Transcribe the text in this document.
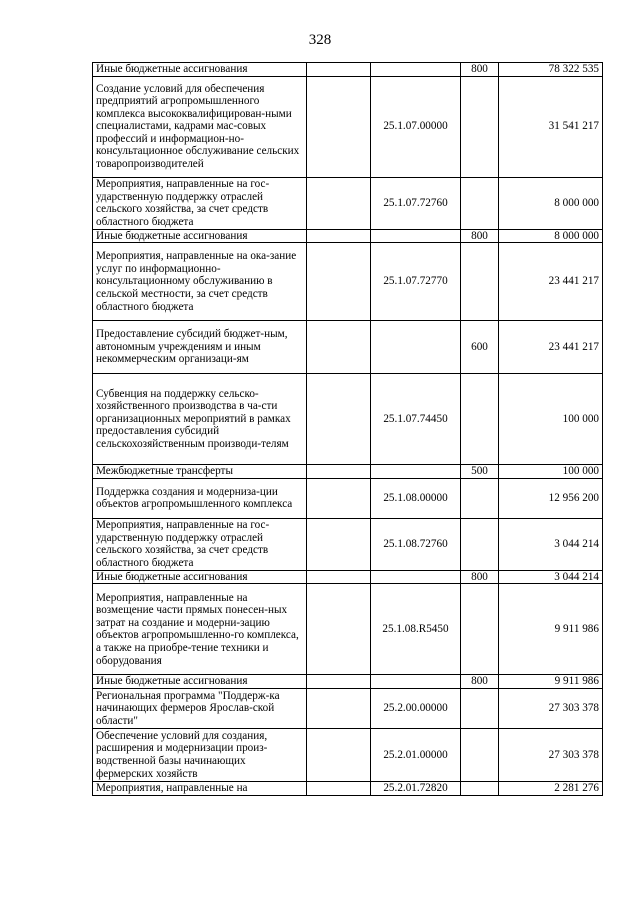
328
Иные бюджетные ассигнования			800	78 322 535
Создание условий для обеспечения предприятий агропромышленного комплекса высококвалифицирован-ными специалистами, кадрами мас-совых профессий и информацион-но-консультационное обслуживание сельских товаропроизводителей		25.1.07.00000		31 541 217
Мероприятия, направленные на гос-ударственную поддержку отраслей сельского хозяйства, за счет средств областного бюджета		25.1.07.72760		8 000 000
Иные бюджетные ассигнования			800	8 000 000
Мероприятия, направленные на ока-зание услуг по информационно-консультационному обслуживанию в сельской местности, за счет средств областного бюджета		25.1.07.72770		23 441 217
Предоставление субсидий бюджет-ным, автономным учреждениям и иным некоммерческим организаци-ям			600	23 441 217
Субвенция на поддержку сельско-хозяйственного производства в ча-сти организационных мероприятий в рамках предоставления субсидий сельскохозяйственным производи-телям		25.1.07.74450		100 000
Межбюджетные трансферты			500	100 000
Поддержка создания и модерниза-ции объектов агропромышленного комплекса		25.1.08.00000		12 956 200
Мероприятия, направленные на гос-ударственную поддержку отраслей сельского хозяйства, за счет средств областного бюджета		25.1.08.72760		3 044 214
Иные бюджетные ассигнования			800	3 044 214
Мероприятия, направленные на возмещение части прямых понесен-ных затрат на создание и модерни-зацию объектов агропромышленно-го комплекса, а также на приобре-тение техники и оборудования		25.1.08.R5450		9 911 986
Иные бюджетные ассигнования			800	9 911 986
Региональная программа "Поддерж-ка начинающих фермеров Ярослав-ской области"		25.2.00.00000		27 303 378
Обеспечение условий для создания, расширения и модернизации произ-водственной базы начинающих фермерских хозяйств		25.2.01.00000		27 303 378
Мероприятия, направленные на		25.2.01.72820		2 281 276
